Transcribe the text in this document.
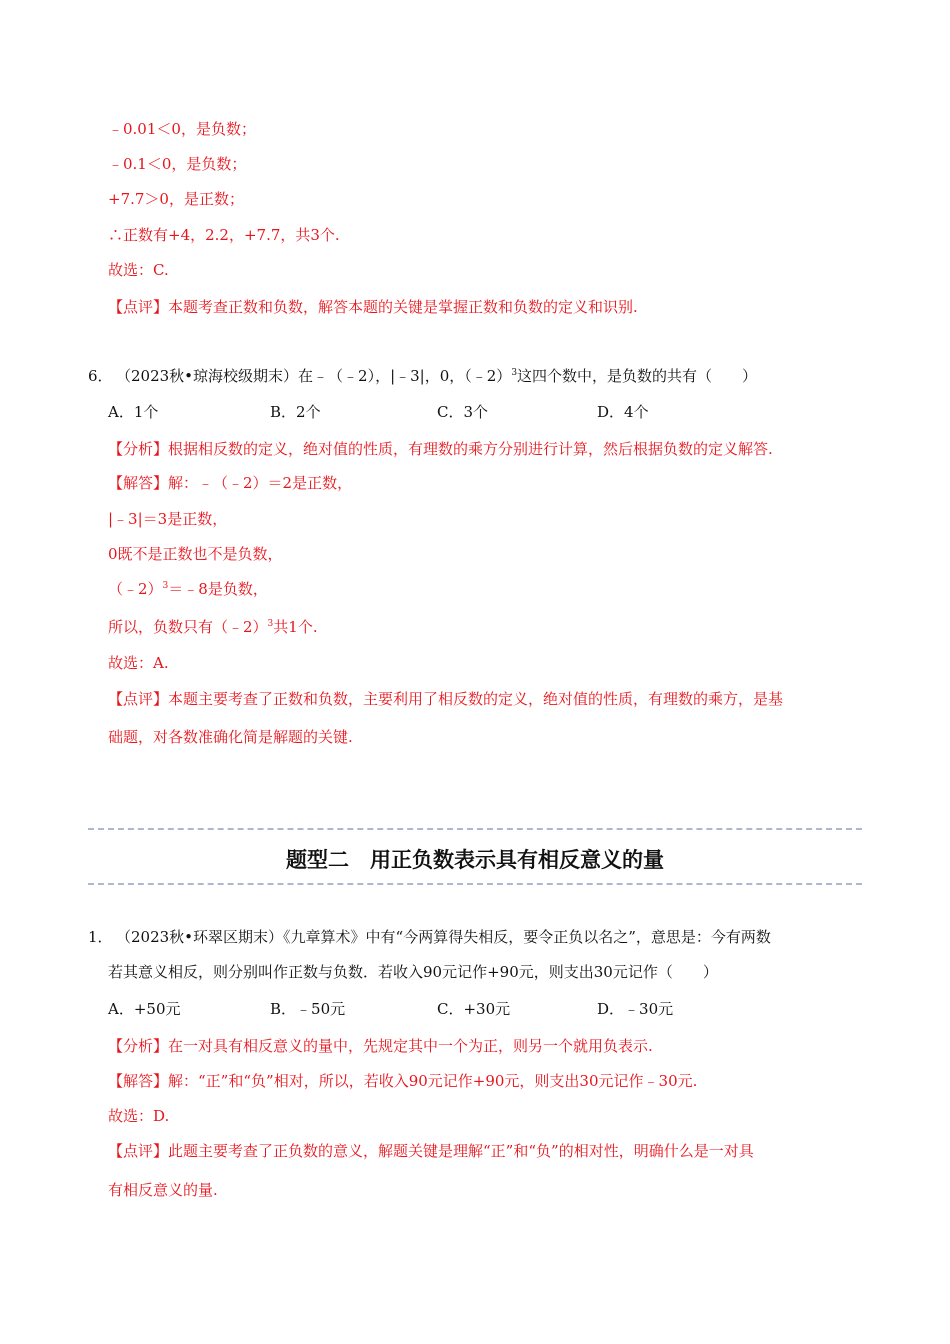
﹣0.01＜0，是负数；
﹣0.1＜0，是负数；
+7.7＞0，是正数；
∴正数有+4，2.2，+7.7，共3个.
故选：C.
【点评】本题考查正数和负数，解答本题的关键是掌握正数和负数的定义和识别.
6． （2023秋•琼海校级期末）在﹣（﹣2），|﹣3|，0，（﹣2）$^3$这四个数中，是负数的共有（　　）
A．1个	B．2个	C．3个	D．4个
【分析】根据相反数的定义，绝对值的性质，有理数的乘方分别进行计算，然后根据负数的定义解答.
【解答】解：﹣（﹣2）＝2是正数，
|﹣3|＝3是正数，
0既不是正数也不是负数，
（﹣2）$^3$＝﹣8是负数，
所以，负数只有（﹣2）$^3$共1个.
故选：A.
【点评】本题主要考查了正数和负数，主要利用了相反数的定义，绝对值的性质，有理数的乘方，是基
础题，对各数准确化简是解题的关键.
题型二　用正负数表示具有相反意义的量
1． （2023秋•环翠区期末）《九章算术》中有“今两算得失相反，要令正负以名之”，意思是：今有两数
若其意义相反，则分别叫作正数与负数．若收入90元记作+90元，则支出30元记作（　　）
A．+50元	B．﹣50元	C．+30元	D．﹣30元
【分析】在一对具有相反意义的量中，先规定其中一个为正，则另一个就用负表示.
【解答】解：“正”和“负”相对，所以，若收入90元记作+90元，则支出30元记作﹣30元.
故选：D.
【点评】此题主要考查了正负数的意义，解题关键是理解“正”和“负”的相对性，明确什么是一对具
有相反意义的量.
